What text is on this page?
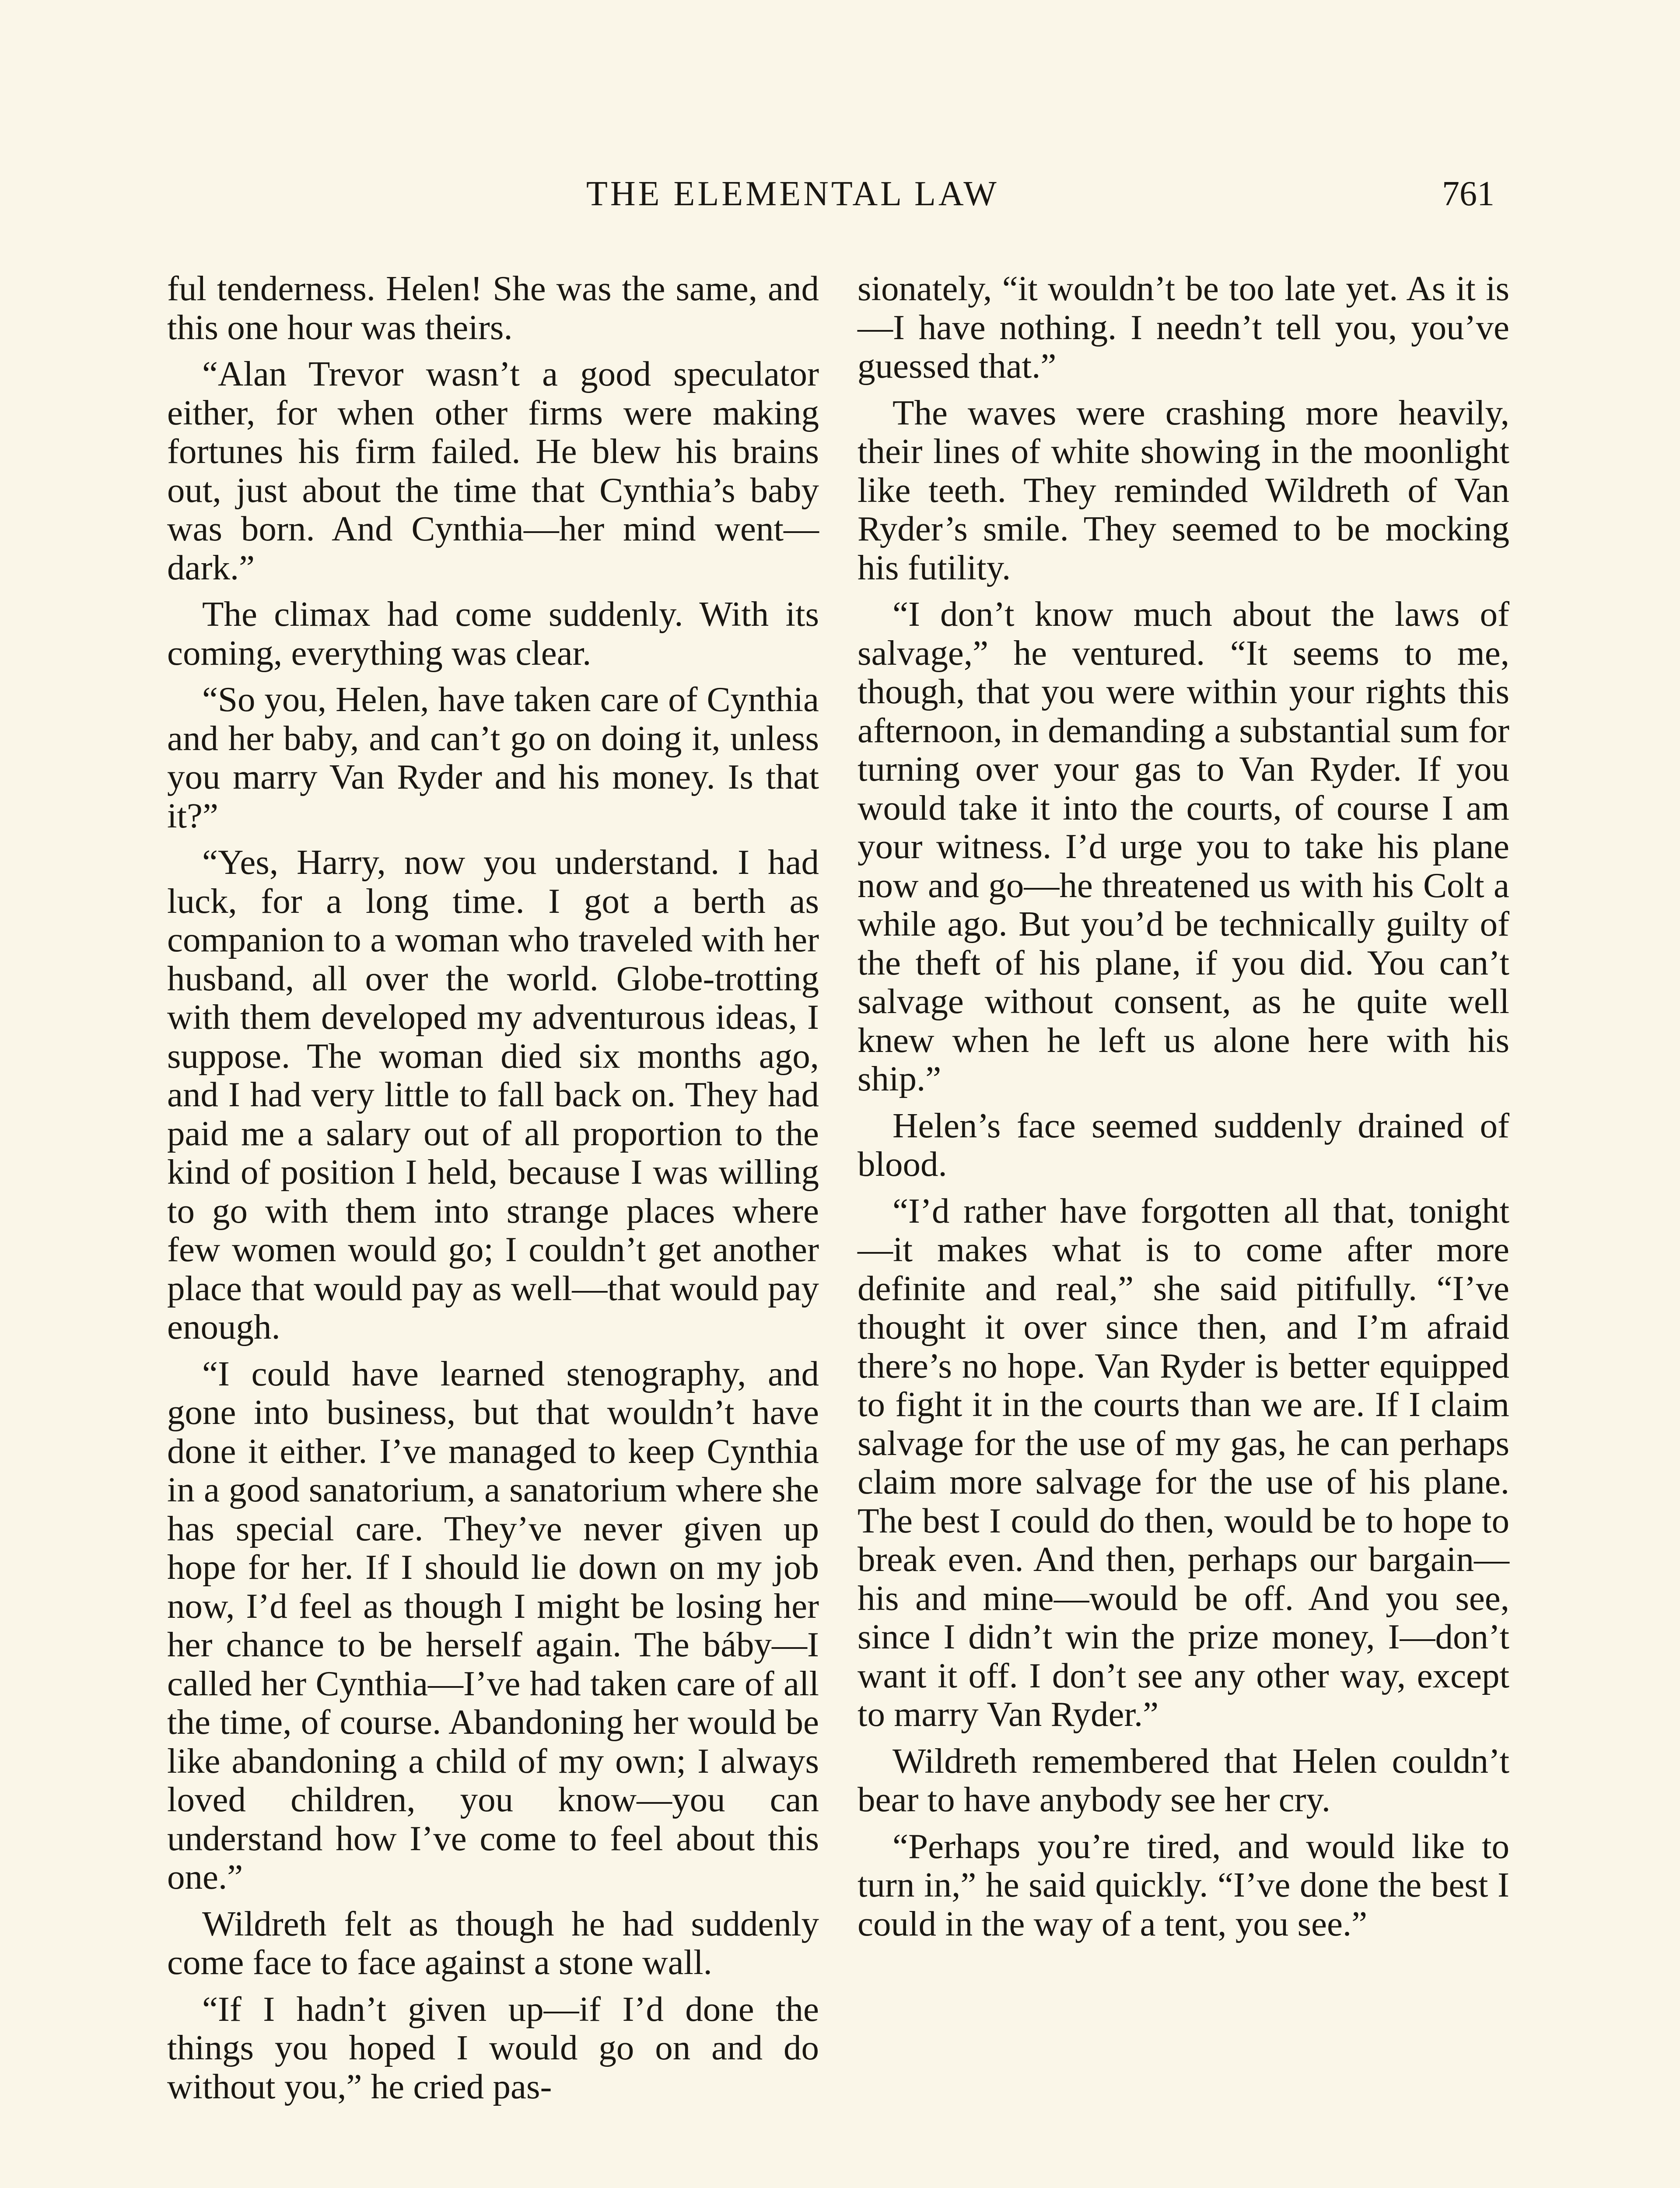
THE ELEMENTAL LAW	761

ful tenderness. Helen! She was the same, and this one hour was theirs.

“Alan Trevor wasn’t a good speculator either, for when other firms were making fortunes his firm failed. He blew his brains out, just about the time that Cynthia’s baby was born. And Cynthia—her mind went—dark.”

The climax had come suddenly. With its coming, everything was clear.

“So you, Helen, have taken care of Cynthia and her baby, and can’t go on doing it, unless you marry Van Ryder and his money. Is that it?”

“Yes, Harry, now you understand. I had luck, for a long time. I got a berth as companion to a woman who traveled with her husband, all over the world. Globe-trotting with them developed my adventurous ideas, I suppose. The woman died six months ago, and I had very little to fall back on. They had paid me a salary out of all proportion to the kind of position I held, because I was willing to go with them into strange places where few women would go; I couldn’t get another place that would pay as well—that would pay enough.

“I could have learned stenography, and gone into business, but that wouldn’t have done it either. I’ve managed to keep Cynthia in a good sanatorium, a sanatorium where she has special care. They’ve never given up hope for her. If I should lie down on my job now, I’d feel as though I might be losing her her chance to be herself again. The báby—I called her Cynthia—I’ve had taken care of all the time, of course. Abandoning her would be like abandoning a child of my own; I always loved children, you know—you can understand how I’ve come to feel about this one.”

Wildreth felt as though he had suddenly come face to face against a stone wall.

“If I hadn’t given up—if I’d done the things you hoped I would go on and do without you,” he cried pas-

sionately, “it wouldn’t be too late yet. As it is—I have nothing. I needn’t tell you, you’ve guessed that.”

The waves were crashing more heavily, their lines of white showing in the moonlight like teeth. They reminded Wildreth of Van Ryder’s smile. They seemed to be mocking his futility.

“I don’t know much about the laws of salvage,” he ventured. “It seems to me, though, that you were within your rights this afternoon, in demanding a substantial sum for turning over your gas to Van Ryder. If you would take it into the courts, of course I am your witness. I’d urge you to take his plane now and go—he threatened us with his Colt a while ago. But you’d be technically guilty of the theft of his plane, if you did. You can’t salvage without consent, as he quite well knew when he left us alone here with his ship.”

Helen’s face seemed suddenly drained of blood.

“I’d rather have forgotten all that, tonight—it makes what is to come after more definite and real,” she said pitifully. “I’ve thought it over since then, and I’m afraid there’s no hope. Van Ryder is better equipped to fight it in the courts than we are. If I claim salvage for the use of my gas, he can perhaps claim more salvage for the use of his plane. The best I could do then, would be to hope to break even. And then, perhaps our bargain—his and mine—would be off. And you see, since I didn’t win the prize money, I—don’t want it off. I don’t see any other way, except to marry Van Ryder.”

Wildreth remembered that Helen couldn’t bear to have anybody see her cry.

“Perhaps you’re tired, and would like to turn in,” he said quickly. “I’ve done the best I could in the way of a tent, you see.”
